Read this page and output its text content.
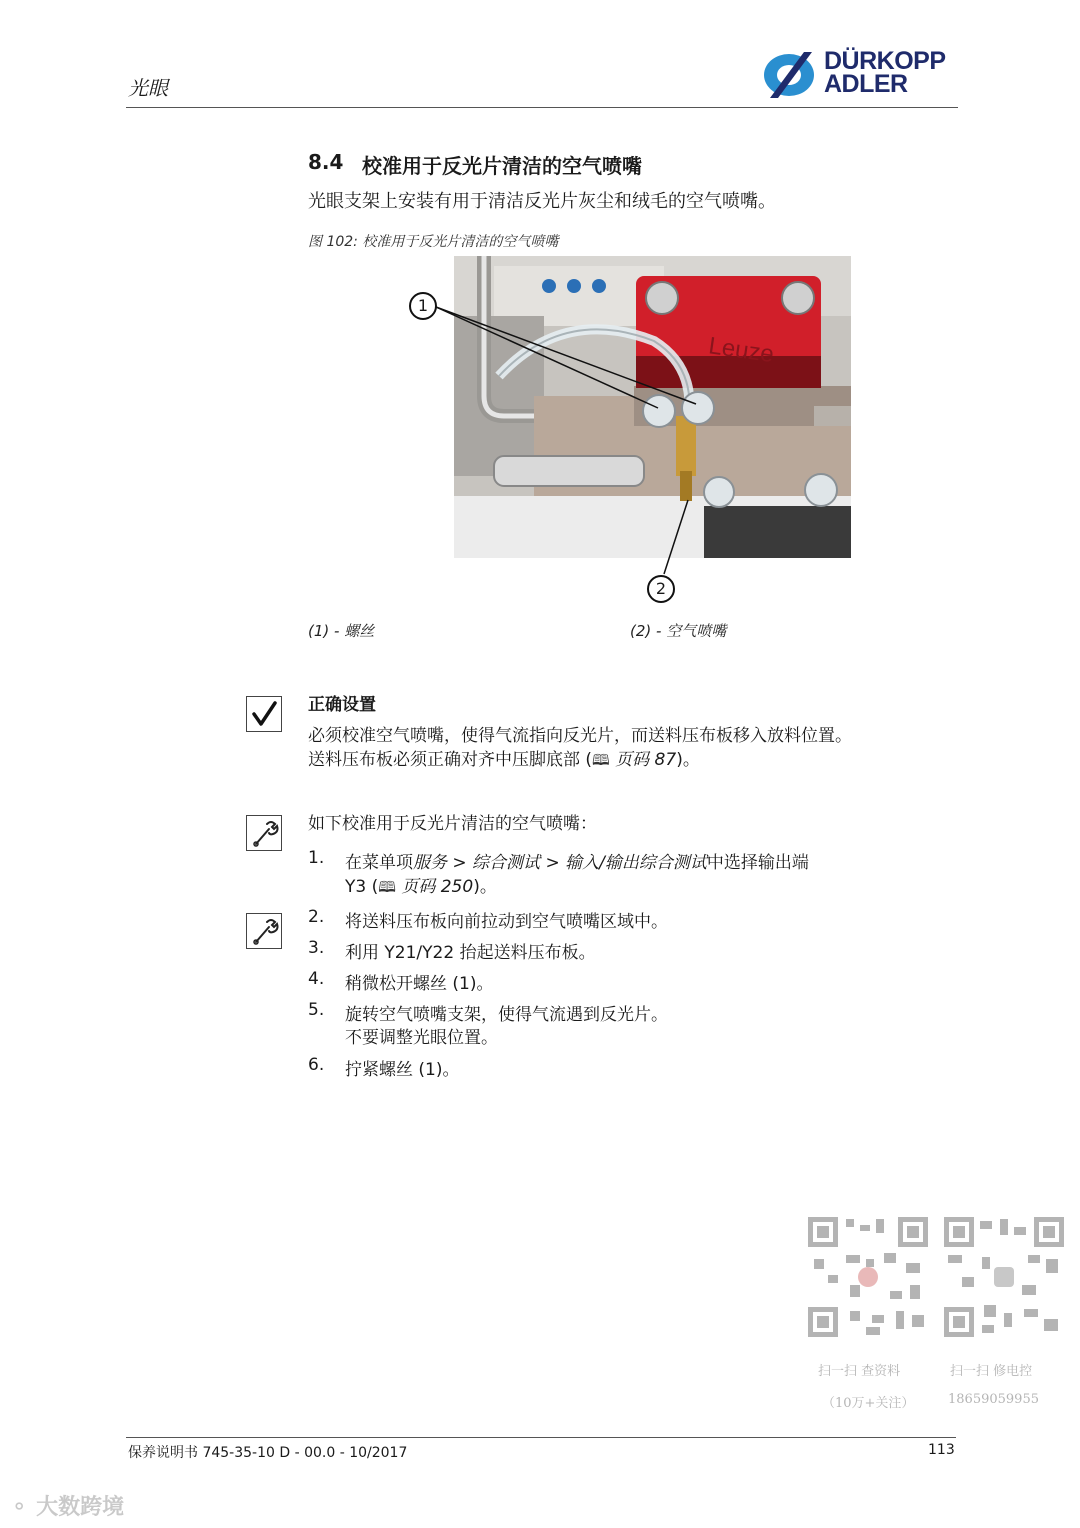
光眼
DÜRKOPP
ADLER
8.4 校准用于反光片清洁的空气喷嘴
光眼支架上安装有用于清洁反光片灰尘和绒毛的空气喷嘴。
图 102: 校准用于反光片清洁的空气喷嘴
Leuze
1
2
(1) - 螺丝	(2) - 空气喷嘴
正确设置
必须校准空气喷嘴，使得气流指向反光片，而送料压布板移入放料位置。
送料压布板必须正确对齐中压脚底部 (🕮 页码 87)。
如下校准用于反光片清洁的空气喷嘴：
1. 在菜单项服务 > 综合测试 > 输入/输出综合测试中选择输出端
Y3 (🕮 页码 250)。
2. 将送料压布板向前拉动到空气喷嘴区域中。
3. 利用 Y21/Y22 抬起送料压布板。
4. 稍微松开螺丝 (1)。
5. 旋转空气喷嘴支架，使得气流遇到反光片。
不要调整光眼位置。
6. 拧紧螺丝 (1)。
扫一扫 查资料
（10万+关注）
扫一扫 修电控
18659059955
保养说明书 745-35-10 D - 00.0 - 10/2017	113
⚬ 大数跨境
